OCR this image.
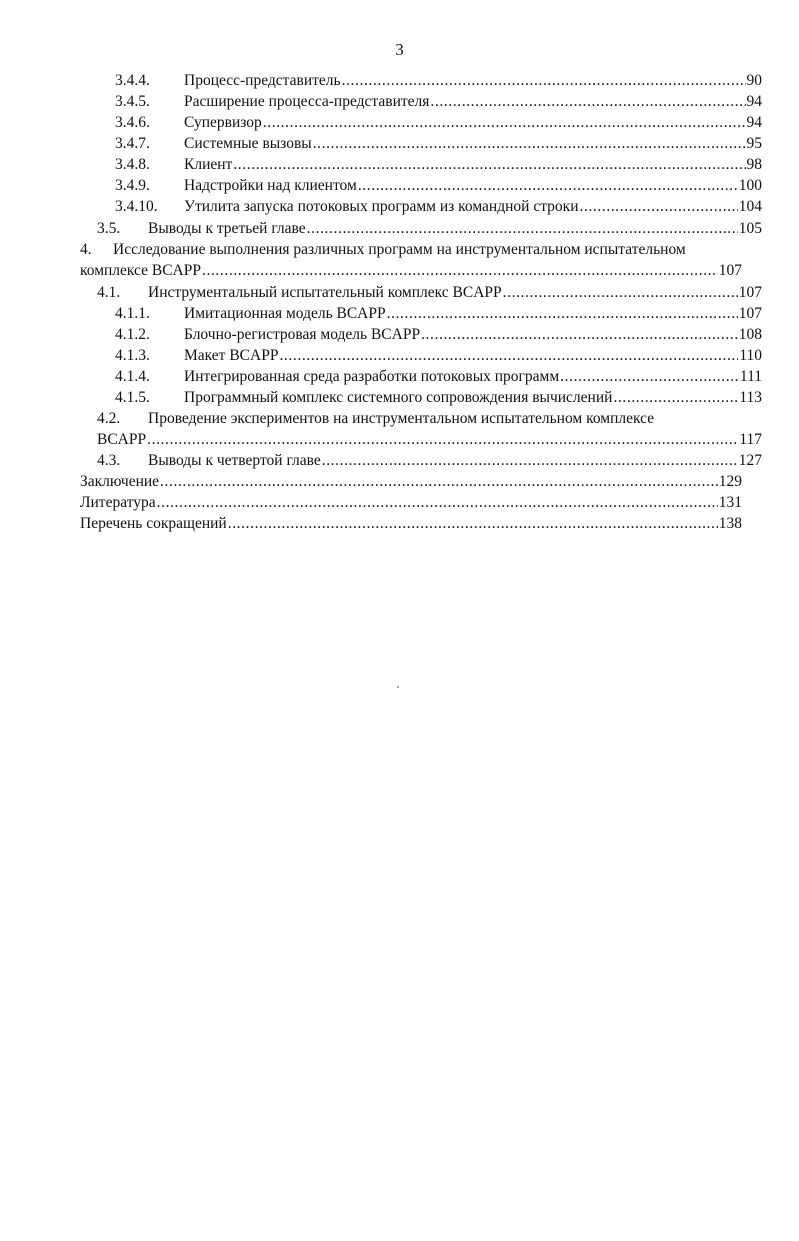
3
3.4.4.	Процесс-представитель .....	90
3.4.5.	Расширение процесса-представителя .....	94
3.4.6.	Супервизор .....	94
3.4.7.	Системные вызовы .....	95
3.4.8.	Клиент .....	98
3.4.9.	Надстройки над клиентом .....	100
3.4.10.	Утилита запуска потоковых программ из командной строки .....	104
3.5.	Выводы к третьей главе .....	105
4. Исследование выполнения различных программ на инструментальном испытательном
комплексе BCAPP .....	107
4.1.	Инструментальный испытательный комплекс BCAPP .....	107
4.1.1.	Имитационная модель BCAPP .....	107
4.1.2.	Блочно-регистровая модель BCAPP .....	108
4.1.3.	Макет BCAPP .....	110
4.1.4.	Интегрированная среда разработки потоковых программ .....	111
4.1.5.	Программный комплекс системного сопровождения вычислений .....	113
4.2. Проведение экспериментов на инструментальном испытательном комплексе
BCAPP .....	117
4.3.	Выводы к четвертой главе .....	127
Заключение .....	129
Литература .....	131
Перечень сокращений .....	138
